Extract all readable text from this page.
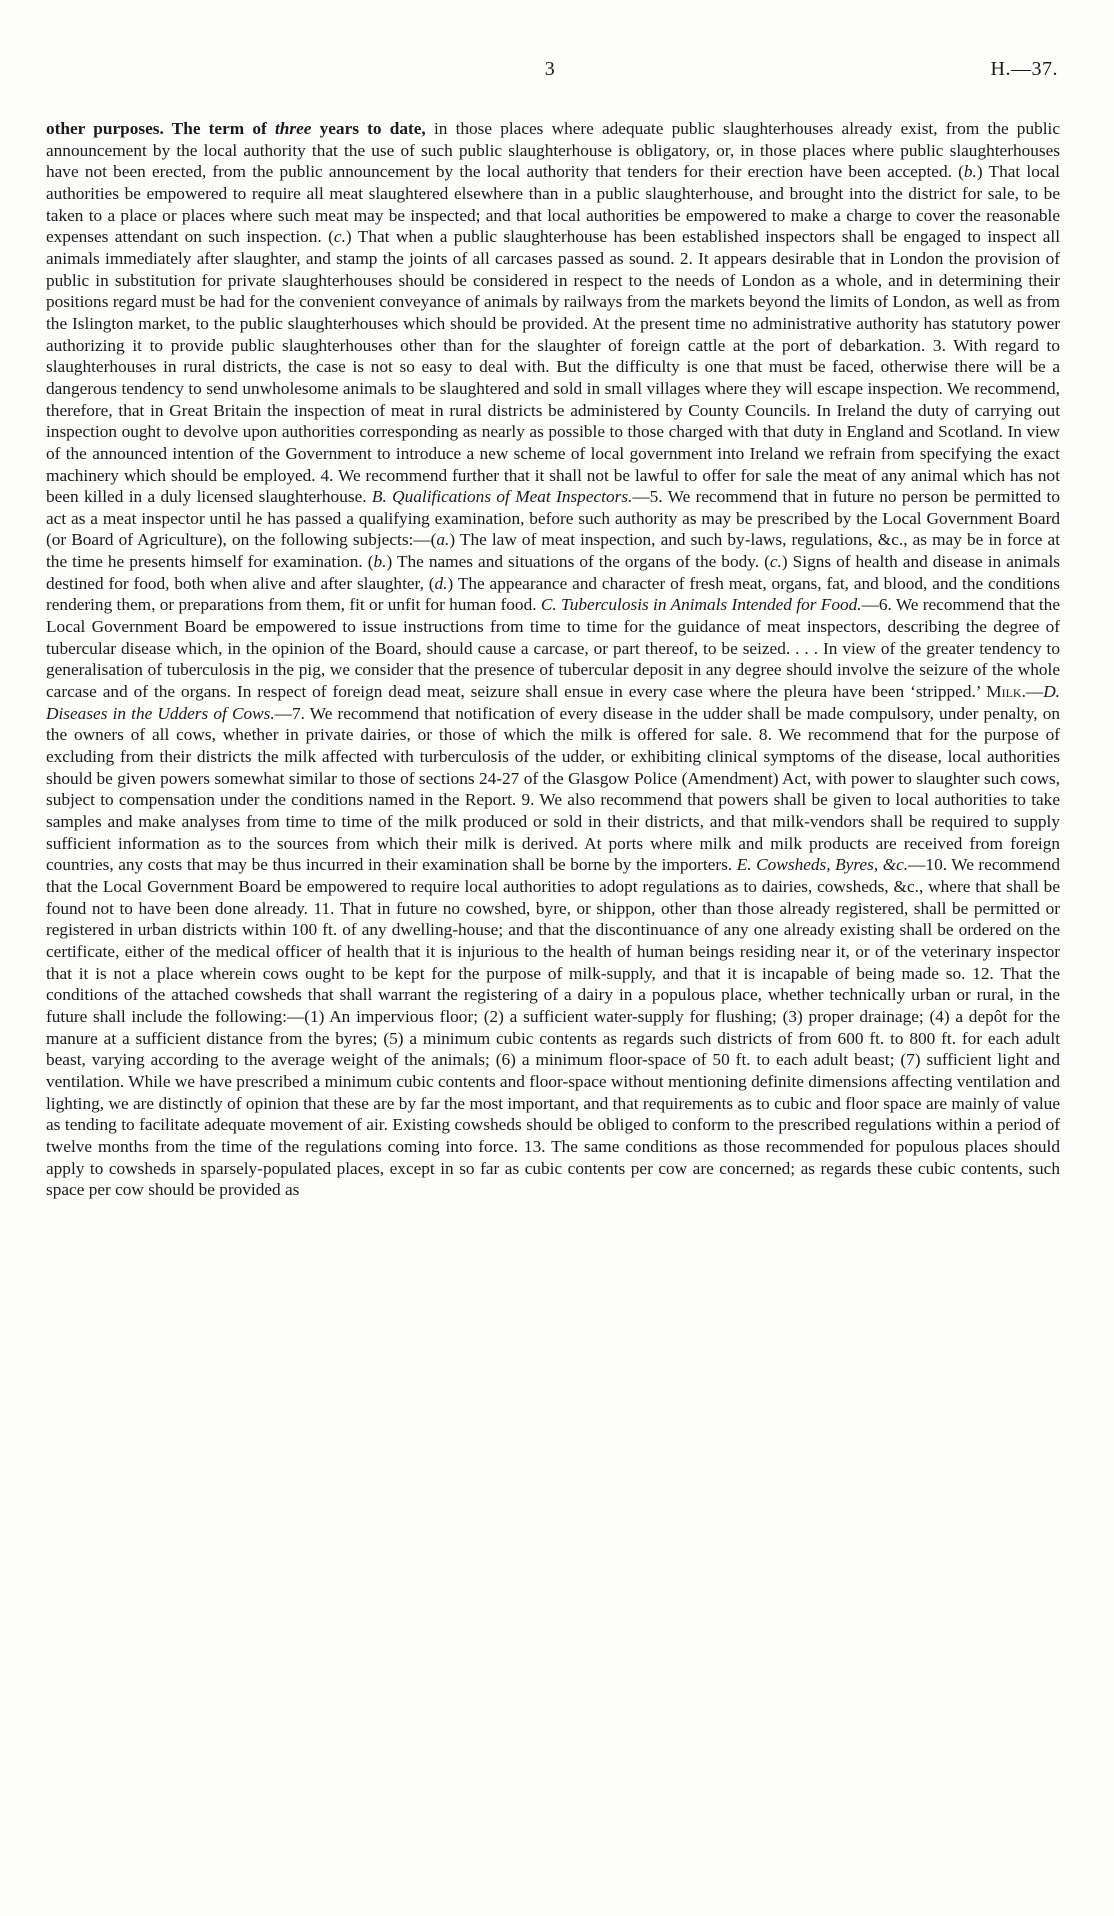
3	H.—37.
other purposes. The term of three years to date, in those places where adequate public slaughterhouses already exist, from the public announcement by the local authority that the use of such public slaughterhouse is obligatory, or, in those places where public slaughterhouses have not been erected, from the public announcement by the local authority that tenders for their erection have been accepted. (b.) That local authorities be empowered to require all meat slaughtered elsewhere than in a public slaughterhouse, and brought into the district for sale, to be taken to a place or places where such meat may be inspected; and that local authorities be empowered to make a charge to cover the reasonable expenses attendant on such inspection. (c.) That when a public slaughterhouse has been established inspectors shall be engaged to inspect all animals immediately after slaughter, and stamp the joints of all carcases passed as sound. 2. It appears desirable that in London the provision of public in substitution for private slaughterhouses should be considered in respect to the needs of London as a whole, and in determining their positions regard must be had for the convenient conveyance of animals by railways from the markets beyond the limits of London, as well as from the Islington market, to the public slaughterhouses which should be provided. At the present time no administrative authority has statutory power authorizing it to provide public slaughterhouses other than for the slaughter of foreign cattle at the port of debarkation. 3. With regard to slaughterhouses in rural districts, the case is not so easy to deal with. But the difficulty is one that must be faced, otherwise there will be a dangerous tendency to send unwholesome animals to be slaughtered and sold in small villages where they will escape inspection. We recommend, therefore, that in Great Britain the inspection of meat in rural districts be administered by County Councils. In Ireland the duty of carrying out inspection ought to devolve upon authorities corresponding as nearly as possible to those charged with that duty in England and Scotland. In view of the announced intention of the Government to introduce a new scheme of local government into Ireland we refrain from specifying the exact machinery which should be employed. 4. We recommend further that it shall not be lawful to offer for sale the meat of any animal which has not been killed in a duly licensed slaughterhouse. B. Qualifications of Meat Inspectors.—5. We recommend that in future no person be permitted to act as a meat inspector until he has passed a qualifying examination, before such authority as may be prescribed by the Local Government Board (or Board of Agriculture), on the following subjects:—(a.) The law of meat inspection, and such by-laws, regulations, &c., as may be in force at the time he presents himself for examination. (b.) The names and situations of the organs of the body. (c.) Signs of health and disease in animals destined for food, both when alive and after slaughter, (d.) The appearance and character of fresh meat, organs, fat, and blood, and the conditions rendering them, or preparations from them, fit or unfit for human food. C. Tuberculosis in Animals Intended for Food.—6. We recommend that the Local Government Board be empowered to issue instructions from time to time for the guidance of meat inspectors, describing the degree of tubercular disease which, in the opinion of the Board, should cause a carcase, or part thereof, to be seized. . . . In view of the greater tendency to generalisation of tuberculosis in the pig, we consider that the presence of tubercular deposit in any degree should involve the seizure of the whole carcase and of the organs. In respect of foreign dead meat, seizure shall ensue in every case where the pleura have been ‘stripped.’ Milk.—D. Diseases in the Udders of Cows.—7. We recommend that notification of every disease in the udder shall be made compulsory, under penalty, on the owners of all cows, whether in private dairies, or those of which the milk is offered for sale. 8. We recommend that for the purpose of excluding from their districts the milk affected with turberculosis of the udder, or exhibiting clinical symptoms of the disease, local authorities should be given powers somewhat similar to those of sections 24-27 of the Glasgow Police (Amendment) Act, with power to slaughter such cows, subject to compensation under the conditions named in the Report. 9. We also recommend that powers shall be given to local authorities to take samples and make analyses from time to time of the milk produced or sold in their districts, and that milk-vendors shall be required to supply sufficient information as to the sources from which their milk is derived. At ports where milk and milk products are received from foreign countries, any costs that may be thus incurred in their examination shall be borne by the importers. E. Cowsheds, Byres, &c.—10. We recommend that the Local Government Board be empowered to require local authorities to adopt regulations as to dairies, cowsheds, &c., where that shall be found not to have been done already. 11. That in future no cowshed, byre, or shippon, other than those already registered, shall be permitted or registered in urban districts within 100 ft. of any dwelling-house; and that the discontinuance of any one already existing shall be ordered on the certificate, either of the medical officer of health that it is injurious to the health of human beings residing near it, or of the veterinary inspector that it is not a place wherein cows ought to be kept for the purpose of milk-supply, and that it is incapable of being made so. 12. That the conditions of the attached cowsheds that shall warrant the registering of a dairy in a populous place, whether technically urban or rural, in the future shall include the following:—(1) An impervious floor; (2) a sufficient water-supply for flushing; (3) proper drainage; (4) a depôt for the manure at a sufficient distance from the byres; (5) a minimum cubic contents as regards such districts of from 600 ft. to 800 ft. for each adult beast, varying according to the average weight of the animals; (6) a minimum floor-space of 50 ft. to each adult beast; (7) sufficient light and ventilation. While we have prescribed a minimum cubic contents and floor-space without mentioning definite dimensions affecting ventilation and lighting, we are distinctly of opinion that these are by far the most important, and that requirements as to cubic and floor space are mainly of value as tending to facilitate adequate movement of air. Existing cowsheds should be obliged to conform to the prescribed regulations within a period of twelve months from the time of the regulations coming into force. 13. The same conditions as those recommended for populous places should apply to cowsheds in sparsely-populated places, except in so far as cubic contents per cow are concerned; as regards these cubic contents, such space per cow should be provided as
